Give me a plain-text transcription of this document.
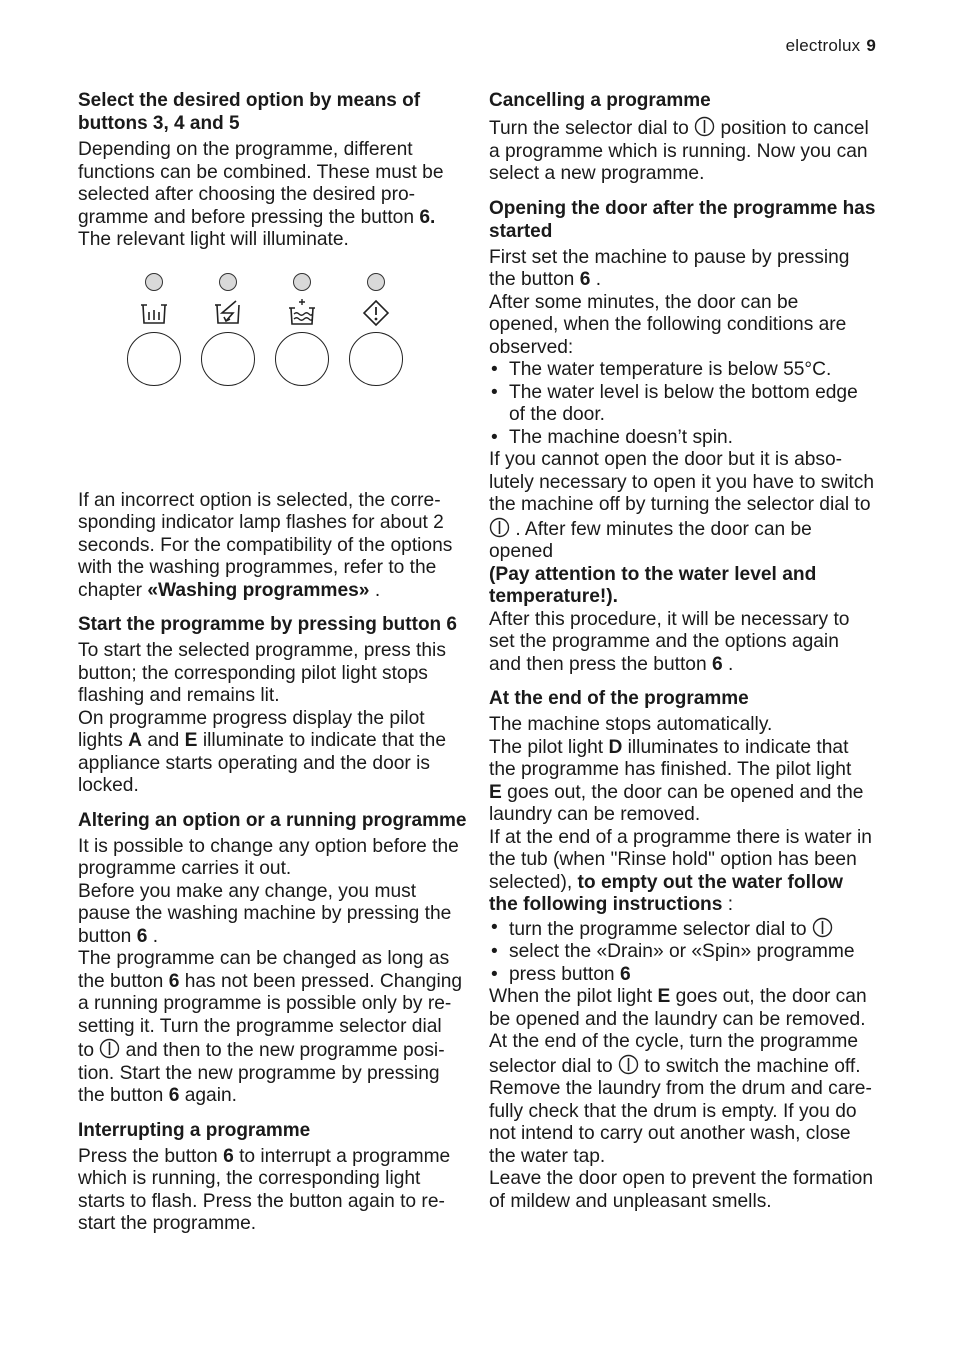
electrolux 9
Select the desired option by means of buttons 3, 4 and 5

Depending on the programme, different
functions can be combined. These must be
selected after choosing the desired pro-
gramme and before pressing the button 6.
The relevant light will illuminate.

If an incorrect option is selected, the corre-
sponding indicator lamp flashes for about 2
seconds. For the compatibility of the options
with the washing programmes, refer to the
chapter «Washing programmes» .

Start the programme by pressing button 6

To start the selected programme, press this
button; the corresponding pilot light stops
flashing and remains lit.
On programme progress display the pilot
lights A and E illuminate to indicate that the
appliance starts operating and the door is
locked.

Altering an option or a running programme

It is possible to change any option before the
programme carries it out.
Before you make any change, you must
pause the washing machine by pressing the
button 6 .
The programme can be changed as long as
the button 6 has not been pressed. Changing
a running programme is possible only by re-
setting it. Turn the programme selector dial
to  and then to the new programme posi-
tion. Start the new programme by pressing
the button 6 again.

Interrupting a programme

Press the button 6 to interrupt a programme
which is running, the corresponding light
starts to flash. Press the button again to re-
start the programme.

Cancelling a programme

Turn the selector dial to  position to cancel
a programme which is running. Now you can
select a new programme.

Opening the door after the programme has started

First set the machine to pause by pressing
the button 6 .
After some minutes, the door can be
opened, when the following conditions are
observed:

• The water temperature is below 55°C.
• The water level is below the bottom edge
of the door.
• The machine doesn’t spin.

If you cannot open the door but it is abso-
lutely necessary to open it you have to switch
the machine off by turning the selector dial to
. After few minutes the door can be
opened
(Pay attention to the water level and temperature!).
After this procedure, it will be necessary to
set the programme and the options again
and then press the button 6 .

At the end of the programme

The machine stops automatically.
The pilot light D illuminates to indicate that
the programme has finished. The pilot light
E goes out, the door can be opened and the
laundry can be removed.
If at the end of a programme there is water in
the tub (when "Rinse hold" option has been
selected), to empty out the water follow
the following instructions :

• turn the programme selector dial to
• select the «Drain» or «Spin» programme
• press button 6

When the pilot light E goes out, the door can
be opened and the laundry can be removed.
At the end of the cycle, turn the programme
selector dial to  to switch the machine off.
Remove the laundry from the drum and care-
fully check that the drum is empty. If you do
not intend to carry out another wash, close
the water tap.
Leave the door open to prevent the formation
of mildew and unpleasant smells.
